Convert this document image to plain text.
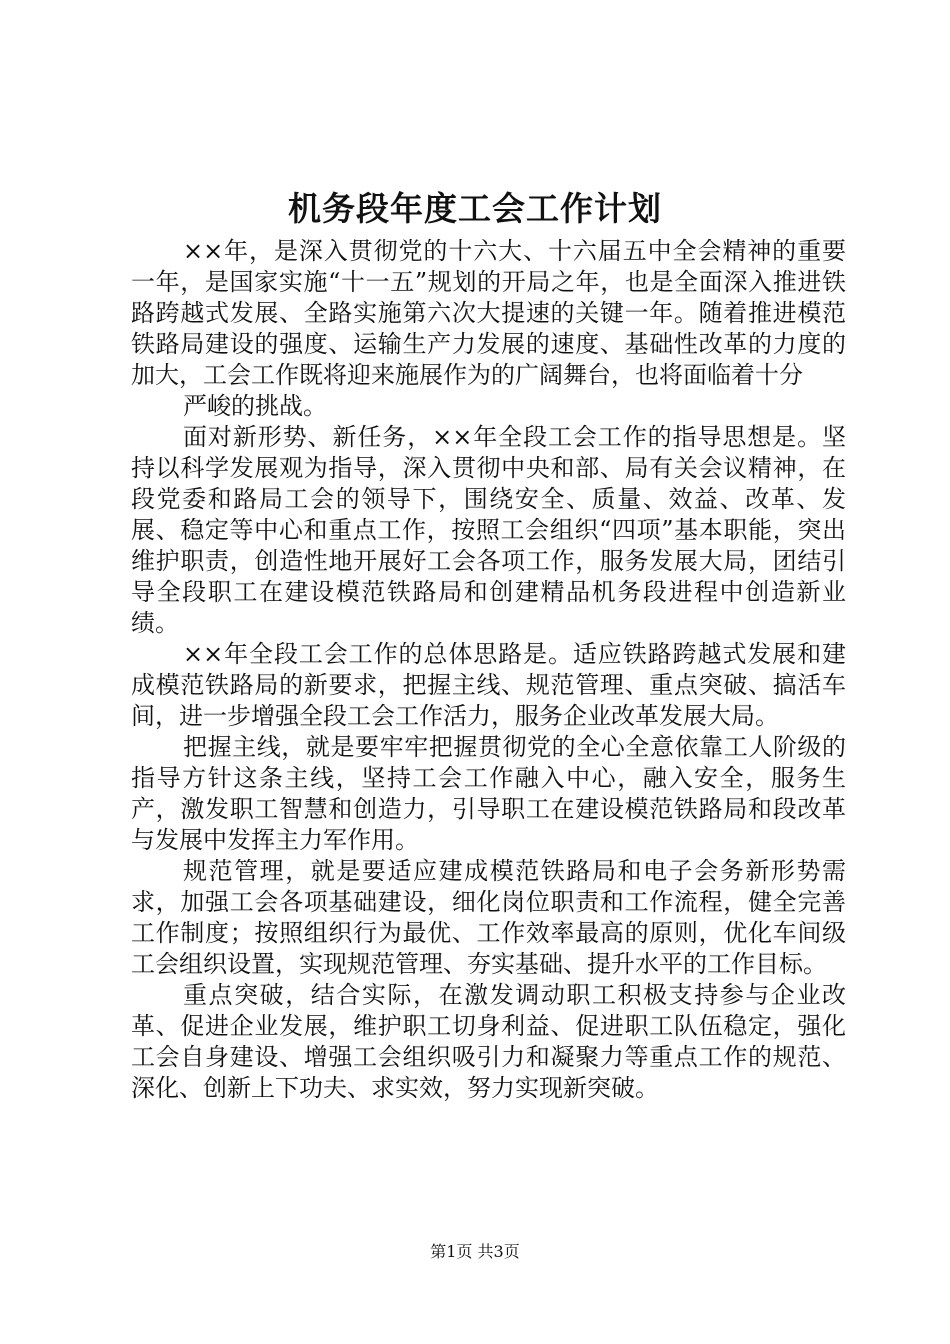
机务段年度工会工作计划

××年，是深入贯彻党的十六大、十六届五中全会精神的重要一年，是国家实施“十一五”规划的开局之年，也是全面深入推进铁路跨越式发展、全路实施第六次大提速的关键一年。随着推进模范铁路局建设的强度、运输生产力发展的速度、基础性改革的力度的加大，工会工作既将迎来施展作为的广阔舞台，也将面临着十分

严峻的挑战。

面对新形势、新任务，××年全段工会工作的指导思想是。坚持以科学发展观为指导，深入贯彻中央和部、局有关会议精神，在段党委和路局工会的领导下，围绕安全、质量、效益、改革、发展、稳定等中心和重点工作，按照工会组织“四项”基本职能，突出维护职责，创造性地开展好工会各项工作，服务发展大局，团结引导全段职工在建设模范铁路局和创建精品机务段进程中创造新业绩。

××年全段工会工作的总体思路是。适应铁路跨越式发展和建成模范铁路局的新要求，把握主线、规范管理、重点突破、搞活车间，进一步增强全段工会工作活力，服务企业改革发展大局。

把握主线，就是要牢牢把握贯彻党的全心全意依靠工人阶级的指导方针这条主线，坚持工会工作融入中心，融入安全，服务生产，激发职工智慧和创造力，引导职工在建设模范铁路局和段改革与发展中发挥主力军作用。

规范管理，就是要适应建成模范铁路局和电子会务新形势需求，加强工会各项基础建设，细化岗位职责和工作流程，健全完善工作制度；按照组织行为最优、工作效率最高的原则，优化车间级工会组织设置，实现规范管理、夯实基础、提升水平的工作目标。

重点突破，结合实际，在激发调动职工积极支持参与企业改革、促进企业发展，维护职工切身利益、促进职工队伍稳定，强化工会自身建设、增强工会组织吸引力和凝聚力等重点工作的规范、深化、创新上下功夫、求实效，努力实现新突破。

第1页 共3页
